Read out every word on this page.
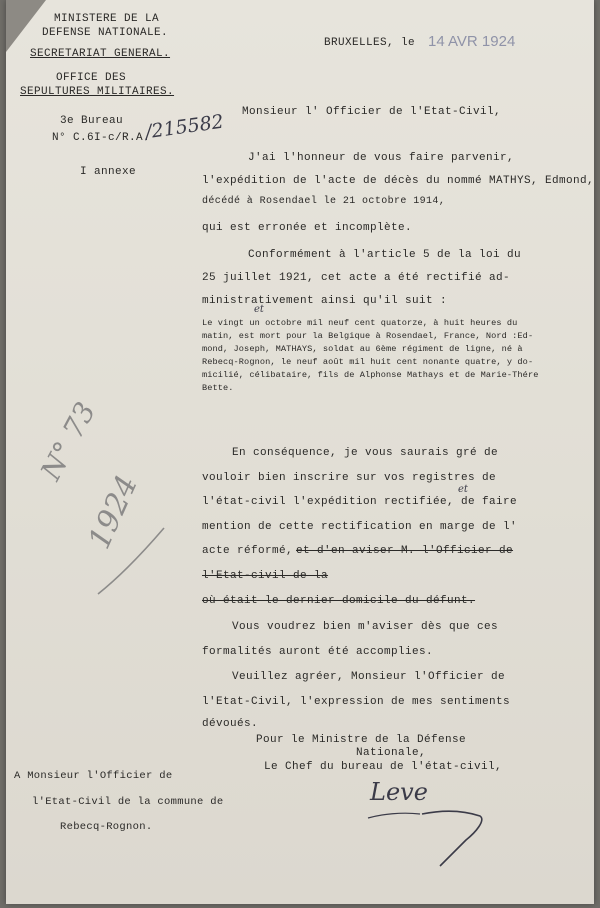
MINISTERE DE LA
DEFENSE NATIONALE.
SECRETARIAT GENERAL.
OFFICE DES
SEPULTURES MILITAIRES.
3e Bureau
N° C.6I-c/R.A.
/215582
I annexe
BRUXELLES, le 14 AVR 1924
Monsieur l' Officier de l'Etat-Civil,
J'ai l'honneur de vous faire parvenir,
l'expédition de l'acte de décès du nommé MATHYS, Edmond,
décédé à Rosendael le 21 octobre 1914,
qui est erronée et incomplète.
Conformément à l'article 5 de la loi du
25 juillet 1921, cet acte a été rectifié ad-
ministrativement ainsi qu'il suit :
et
Le vingt un octobre mil neuf cent quatorze, à huit heures du
matin, est mort pour la Belgique à Rosendael, France, Nord :Ed-
mond, Joseph, MATHAYS, soldat au 6ème régiment de ligne, né à
Rebecq-Rognon, le neuf août mil huit cent nonante quatre, y do-
micilié, célibataire, fils de Alphonse Mathays et de Marie-Thére
Bette.
et
En conséquence, je vous saurais gré de
vouloir bien inscrire sur vos registres de
l'état-civil l'expédition rectifiée, de faire
mention de cette rectification en marge de l'
acte réformé, et d'en aviser M. l'Officier de
l'Etat-civil de la
où était le dernier domicile du défunt.
Vous voudrez bien m'aviser dès que ces
formalités auront été accomplies.
Veuillez agréer, Monsieur l'Officier de
l'Etat-Civil, l'expression de mes sentiments
dévoués.
Pour le Ministre de la Défense
Nationale,
Le Chef du bureau de l'état-civil,
Leve
A Monsieur l'Officier de
l'Etat-Civil de la commune de
Rebecq-Rognon.
N° 73
1924
